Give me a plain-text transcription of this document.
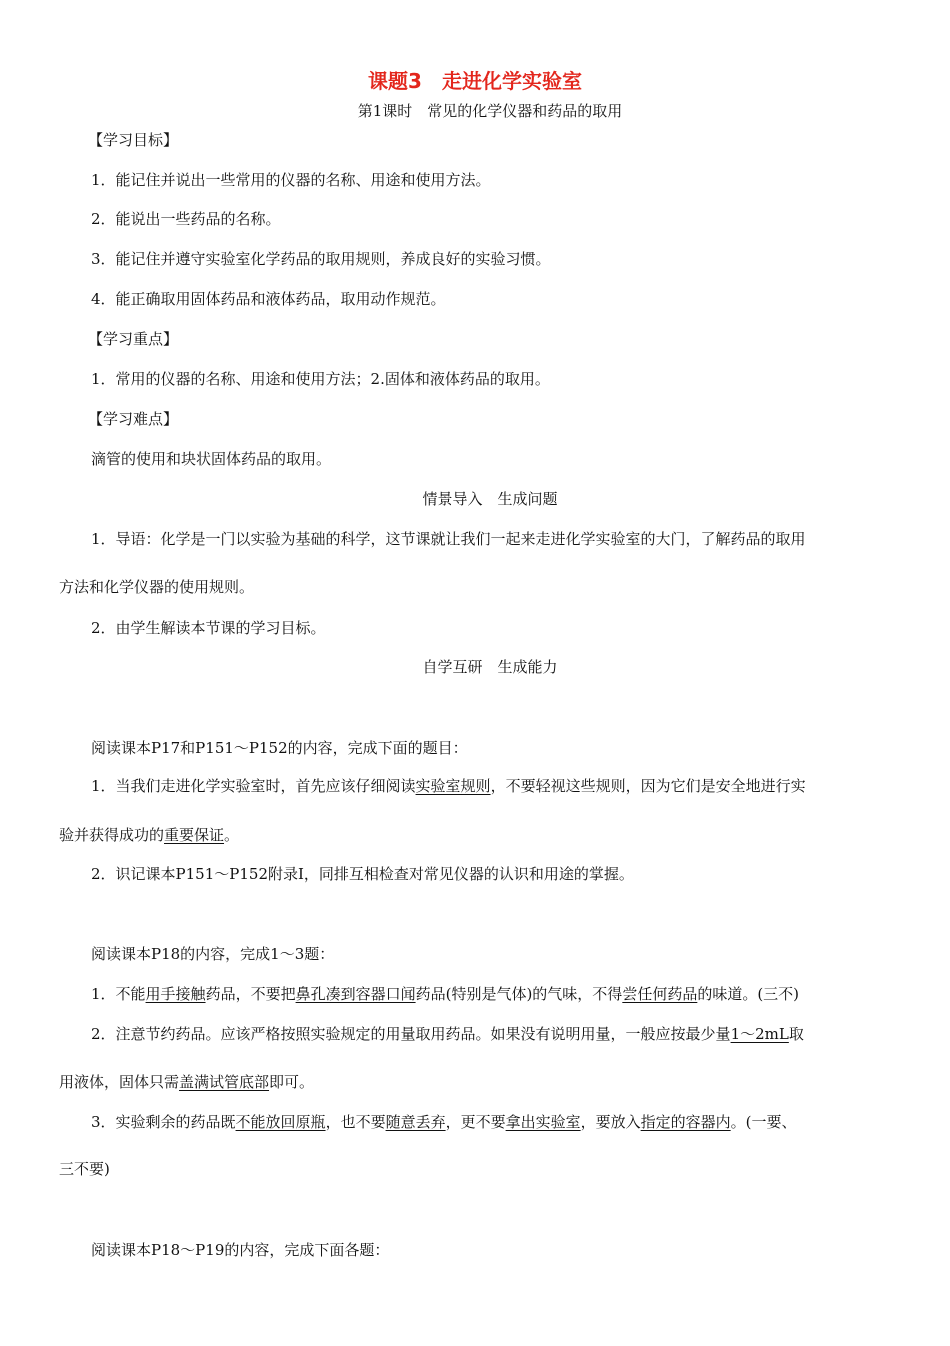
课题3　走进化学实验室
第1课时　常见的化学仪器和药品的取用
【学习目标】
1．能记住并说出一些常用的仪器的名称、用途和使用方法。
2．能说出一些药品的名称。
3．能记住并遵守实验室化学药品的取用规则，养成良好的实验习惯。
4．能正确取用固体药品和液体药品，取用动作规范。
【学习重点】
1．常用的仪器的名称、用途和使用方法；2.固体和液体药品的取用。
【学习难点】
滴管的使用和块状固体药品的取用。
情景导入　生成问题
1．导语：化学是一门以实验为基础的科学，这节课就让我们一起来走进化学实验室的大门，了解药品的取用
方法和化学仪器的使用规则。
2．由学生解读本节课的学习目标。
自学互研　生成能力
阅读课本P17和P151～P152的内容，完成下面的题目：
1．当我们走进化学实验室时，首先应该仔细阅读实验室规则，不要轻视这些规则，因为它们是安全地进行实
验并获得成功的重要保证。
2．识记课本P151～P152附录Ⅰ，同排互相检查对常见仪器的认识和用途的掌握。
阅读课本P18的内容，完成1～3题：
1．不能用手接触药品，不要把鼻孔凑到容器口闻药品(特别是气体)的气味，不得尝任何药品的味道。(三不)
2．注意节约药品。应该严格按照实验规定的用量取用药品。如果没有说明用量，一般应按最少量1～2mL取
用液体，固体只需盖满试管底部即可。
3．实验剩余的药品既不能放回原瓶，也不要随意丢弃，更不要拿出实验室，要放入指定的容器内。(一要、
三不要)
阅读课本P18～P19的内容，完成下面各题：
